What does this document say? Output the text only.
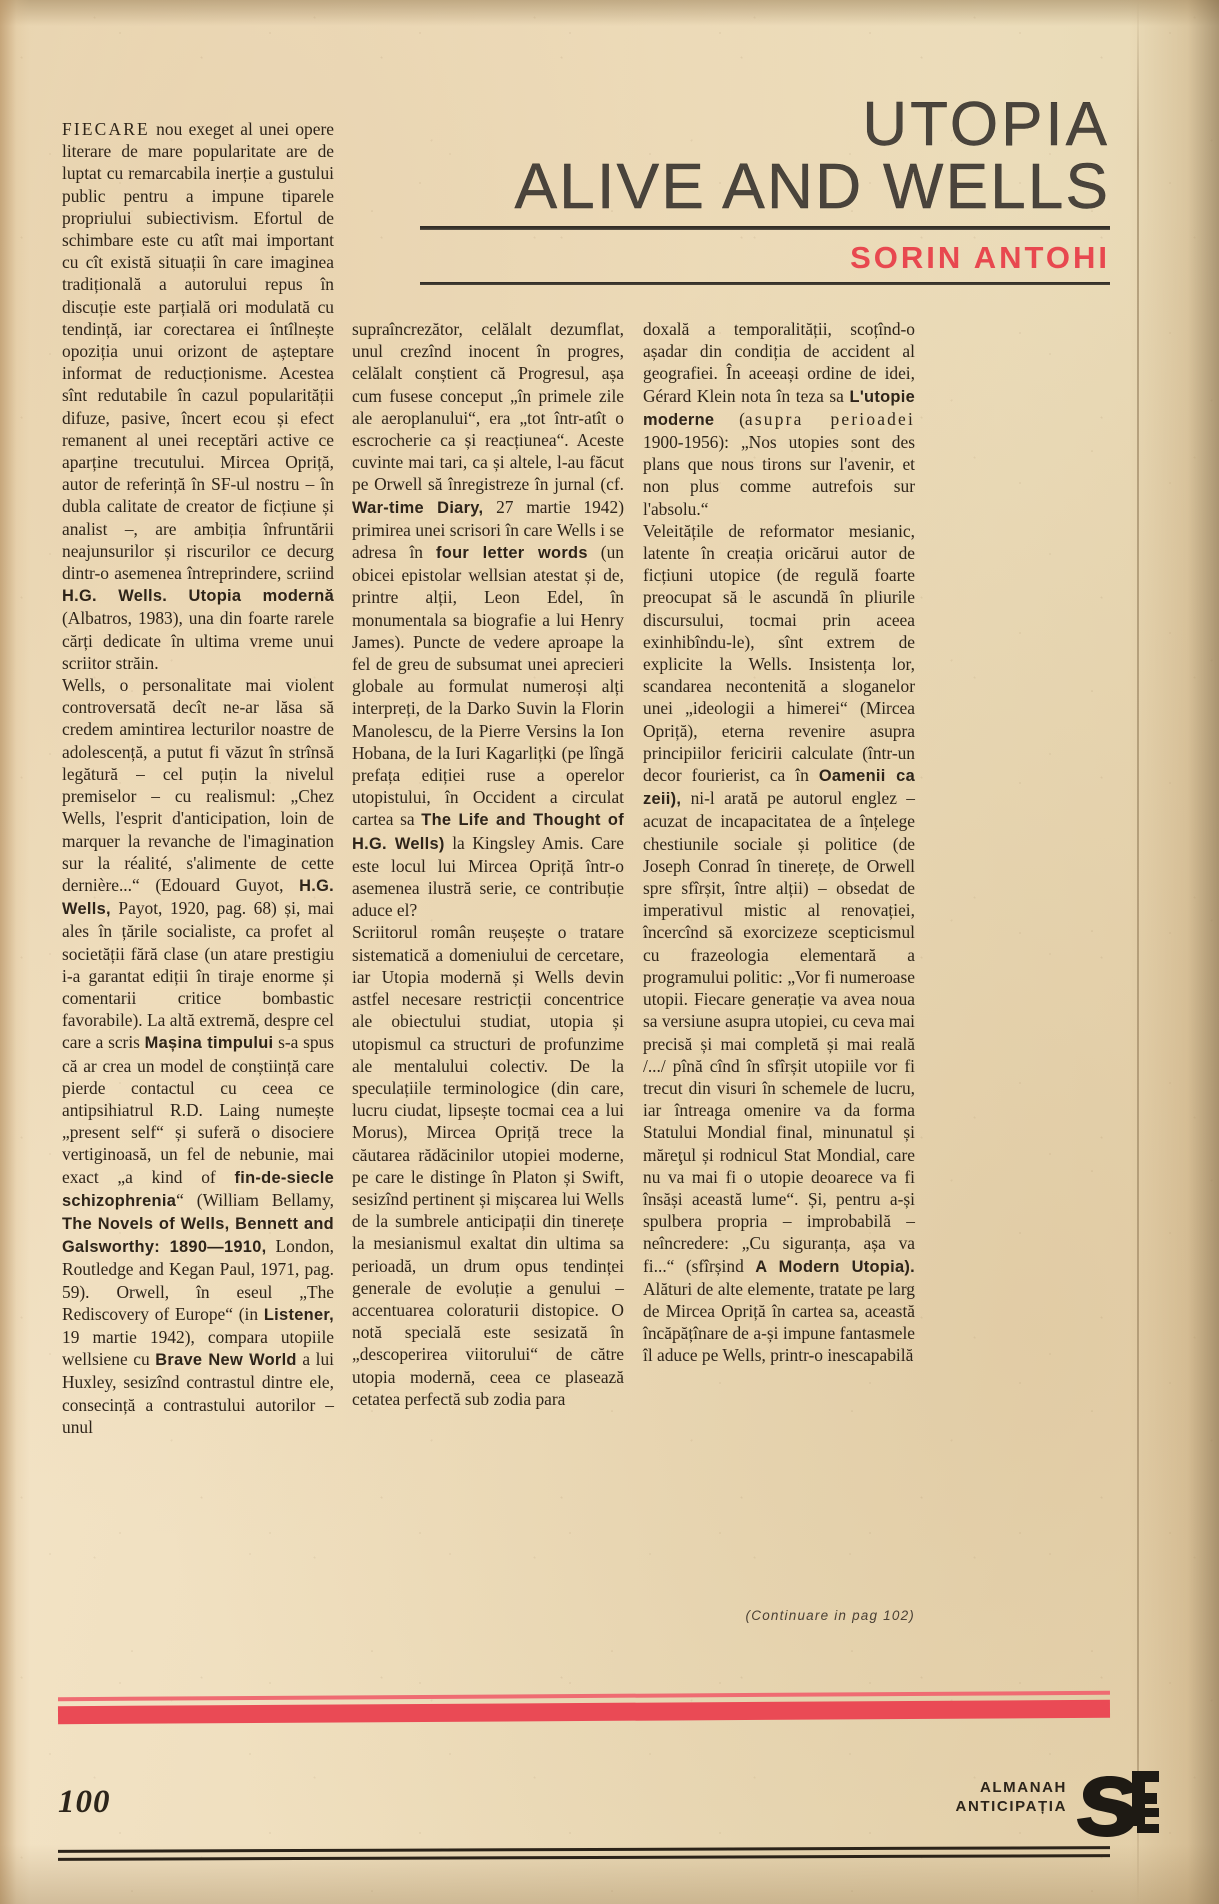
UTOPIA
ALIVE AND WELLS
SORIN ANTOHI

FIECARE nou exeget al unei opere literare de mare popularitate are de luptat cu remarcabila inerție a gustului public pentru a impune tiparele propriului subiectivism. Efortul de schimbare este cu atît mai important cu cît există situații în care imaginea tradițională a autorului repus în discuție este parțială ori modulată cu tendință, iar corectarea ei întîlnește opoziția unui orizont de așteptare informat de reducționisme. Acestea sînt redutabile în cazul popularității difuze, pasive, încert ecou și efect remanent al unei receptări active ce aparține trecutului. Mircea Opriță, autor de referință în SF-ul nostru – în dubla calitate de creator de ficțiune și analist –, are ambiția înfruntării neajunsurilor și riscurilor ce decurg dintr-o asemenea întreprindere, scriind H.G. Wells. Utopia modernă (Albatros, 1983), una din foarte rarele cărți dedicate în ultima vreme unui scriitor străin.

Wells, o personalitate mai violent controversată decît ne-ar lăsa să credem amintirea lecturilor noastre de adolescență, a putut fi văzut în strînsă legătură – cel puțin la nivelul premiselor – cu realismul: „Chez Wells, l'esprit d'anticipation, loin de marquer la revanche de l'imagination sur la réalité, s'alimente de cette dernière...“ (Edouard Guyot, H.G. Wells, Payot, 1920, pag. 68) și, mai ales în țările socialiste, ca profet al societății fără clase (un atare prestigiu i-a garantat ediții în tiraje enorme și comentarii critice bombastic favorabile). La altă extremă, despre cel care a scris Mașina timpului s-a spus că ar crea un model de conștiință care pierde contactul cu ceea ce antipsihiatrul R.D. Laing numește „present self“ și suferă o disociere vertiginoasă, un fel de nebunie, mai exact „a kind of fin-de-siecle schizophrenia“ (William Bellamy, The Novels of Wells, Bennett and Galsworthy: 1890—1910, London, Routledge and Kegan Paul, 1971, pag. 59). Orwell, în eseul „The Rediscovery of Europe“ (in Listener, 19 martie 1942), compara utopiile wellsiene cu Brave New World a lui Huxley, sesizînd contrastul dintre ele, consecință a contrastului autorilor – unul

supraîncrezător, celălalt dezumflat, unul crezînd inocent în progres, celălalt conștient că Progresul, așa cum fusese conceput „în primele zile ale aeroplanului“, era „tot într-atît o escrocherie ca și reacțiunea“. Aceste cuvinte mai tari, ca și altele, l-au făcut pe Orwell să înregistreze în jurnal (cf. War-time Diary, 27 martie 1942) primirea unei scrisori în care Wells i se adresa în four letter words (un obicei epistolar wellsian atestat și de, printre alții, Leon Edel, în monumentala sa biografie a lui Henry James). Puncte de vedere aproape la fel de greu de subsumat unei aprecieri globale au formulat numeroși alți interpreți, de la Darko Suvin la Florin Manolescu, de la Pierre Versins la Ion Hobana, de la Iuri Kagarlițki (pe lîngă prefața ediției ruse a operelor utopistului, în Occident a circulat cartea sa The Life and Thought of H.G. Wells) la Kingsley Amis. Care este locul lui Mircea Opriță într-o asemenea ilustră serie, ce contribuție aduce el?

Scriitorul român reușește o tratare sistematică a domeniului de cercetare, iar Utopia modernă și Wells devin astfel necesare restricții concentrice ale obiectului studiat, utopia și utopismul ca structuri de profunzime ale mentalului colectiv. De la speculațiile terminologice (din care, lucru ciudat, lipsește tocmai cea a lui Morus), Mircea Opriță trece la căutarea rădăcinilor utopiei moderne, pe care le distinge în Platon și Swift, sesizînd pertinent și mișcarea lui Wells de la sumbrele anticipații din tinerețe la mesianismul exaltat din ultima sa perioadă, un drum opus tendinței generale de evoluție a genului – accentuarea coloraturii distopice. O notă specială este sesizată în „descoperirea viitorului“ de către utopia modernă, ceea ce plasează cetatea perfectă sub zodia para

doxală a temporalității, scoțînd-o așadar din condiția de accident al geografiei. În aceeași ordine de idei, Gérard Klein nota în teza sa L'utopie moderne (asupra perioadei 1900-1956): „Nos utopies sont des plans que nous tirons sur l'avenir, et non plus comme autrefois sur l'absolu.“

Veleitățile de reformator mesianic, latente în creația oricărui autor de ficțiuni utopice (de regulă foarte preocupat să le ascundă în pliurile discursului, tocmai prin aceea exinhibîndu-le), sînt extrem de explicite la Wells. Insistența lor, scandarea necontenită a sloganelor unei „ideologii a himerei“ (Mircea Opriță), eterna revenire asupra principiilor fericirii calculate (într-un decor fourierist, ca în Oamenii ca zeii), ni-l arată pe autorul englez – acuzat de incapacitatea de a înțelege chestiunile sociale și politice (de Joseph Conrad în tinerețe, de Orwell spre sfîrșit, între alții) – obsedat de imperativul mistic al renovației, încercînd să exorcizeze scepticismul cu frazeologia elementară a programului politic: „Vor fi numeroase utopii. Fiecare generație va avea noua sa versiune asupra utopiei, cu ceva mai precisă și mai completă și mai reală /.../ pînă cînd în sfîrșit utopiile vor fi trecut din visuri în schemele de lucru, iar întreaga omenire va da forma Statului Mondial final, minunatul și măreţul și rodnicul Stat Mondial, care nu va mai fi o utopie deoarece va fi însăși această lume“. Și, pentru a-și spulbera propria – improbabilă – neîncredere: „Cu siguranța, așa va fi...“ (sfîrșind A Modern Utopia). Alături de alte elemente, tratate pe larg de Mircea Opriță în cartea sa, această încăpățînare de a-și impune fantasmele îl aduce pe Wells, printr-o inescapabilă

(Continuare in pag 102)
100	ALMANAH
ANTICIPAȚIA
